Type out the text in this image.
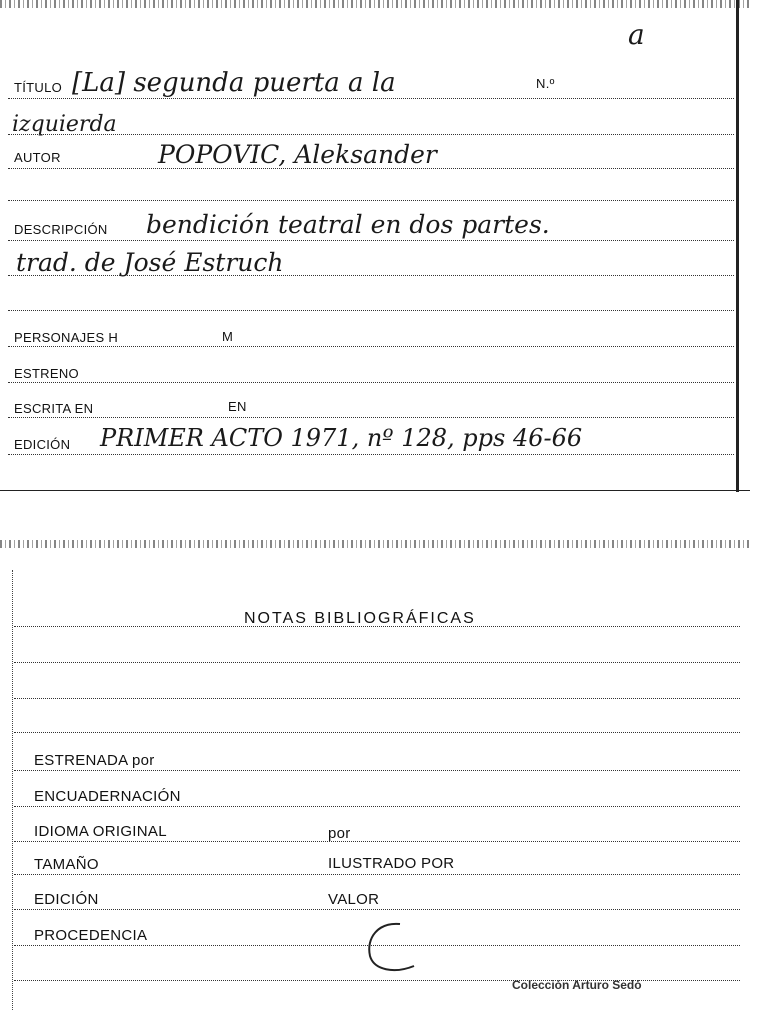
a
TÍTULO [La] segunda puerta a la	N.º
izquierda
AUTOR	POPOVIC, Aleksander
DESCRIPCIÓN bendición teatral en dos partes.
trad. de José Estruch
PERSONAJES H	M
ESTRENO
ESCRITA EN	EN
EDICIÓN PRIMER ACTO 1971, nº 128, pps 46-66
NOTAS BIBLIOGRÁFICAS
ESTRENADA por
ENCUADERNACIÓN
IDIOMA ORIGINAL	por
TAMAÑO	ILUSTRADO POR
EDICIÓN	VALOR
PROCEDENCIA
Colección Arturo Sedó
